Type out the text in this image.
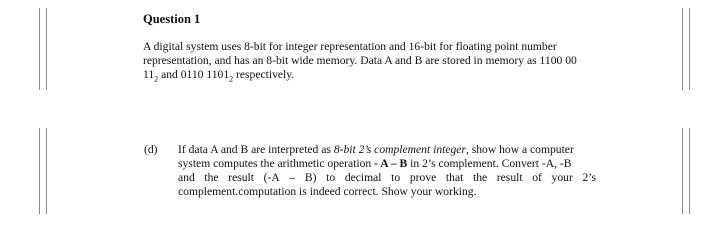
Question 1
A digital system uses 8-bit for integer representation and 16-bit for floating point number
representation, and has an 8-bit wide memory. Data A and B are stored in memory as 1100 00
$11_2$ and 0110 $1101_2$ respectively.
(d) If data A and B are interpreted as 8-bit 2’s complement integer, show how a computer
system computes the arithmetic operation - A – B in 2’s complement. Convert -A, -B
and the result (-A – B) to decimal to prove that the result of your 2’s
complement.computation is indeed correct. Show your working.
